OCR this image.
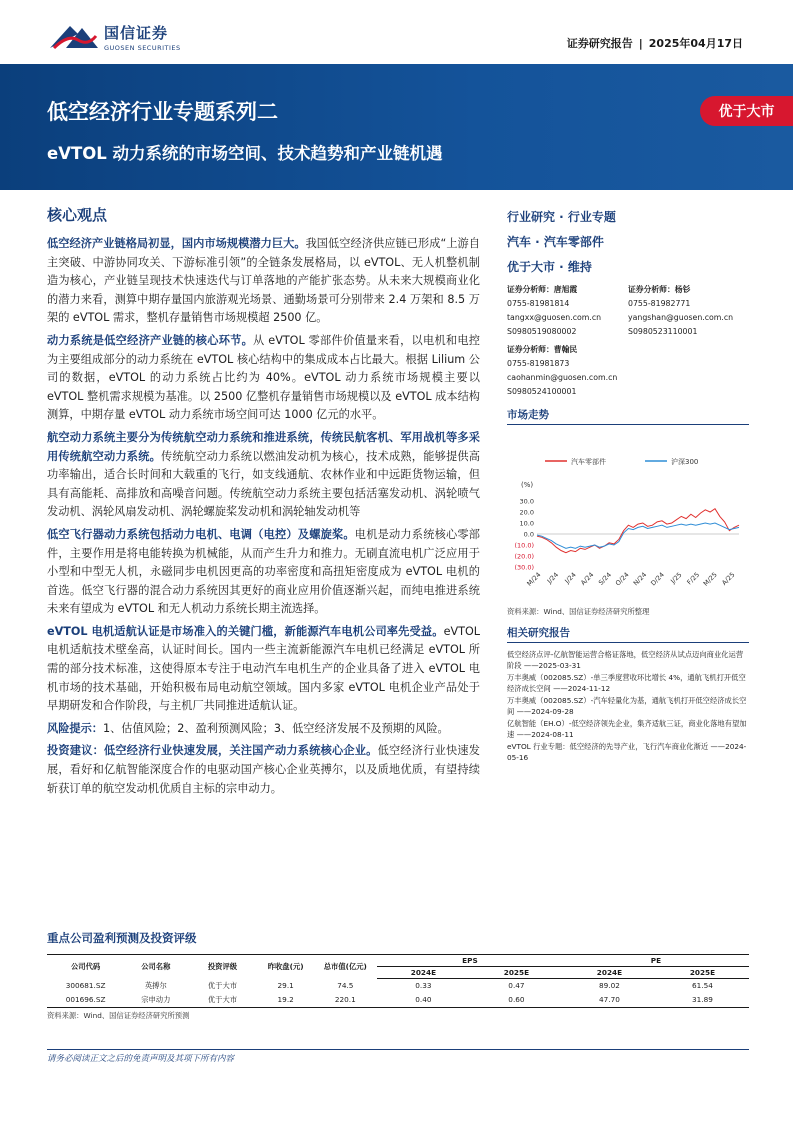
国信证券
GUOSEN SECURITIES	证券研究报告 | 2025年04月17日
低空经济行业专题系列二
eVTOL 动力系统的市场空间、技术趋势和产业链机遇
优于大市
核心观点
低空经济产业链格局初显，国内市场规模潜力巨大。我国低空经济供应链已形成“上游自主突破、中游协同攻关、下游标准引领”的全链条发展格局，以 eVTOL、无人机整机制造为核心，产业链呈现技术快速迭代与订单落地的产能扩张态势。从未来大规模商业化的潜力来看，测算中期存量国内旅游观光场景、通勤场景可分别带来 2.4 万架和 8.5 万架的 eVTOL 需求，整机存量销售市场规模超 2500 亿。
动力系统是低空经济产业链的核心环节。从 eVTOL 零部件价值量来看，以电机和电控为主要组成部分的动力系统在 eVTOL 核心结构中的集成成本占比最大。根据 Lilium 公司的数据，eVTOL 的动力系统占比约为 40%。eVTOL 动力系统市场规模主要以 eVTOL 整机需求规模为基准。以 2500 亿整机存量销售市场规模以及 eVTOL 成本结构测算，中期存量 eVTOL 动力系统市场空间可达 1000 亿元的水平。
航空动力系统主要分为传统航空动力系统和推进系统，传统民航客机、军用战机等多采用传统航空动力系统。传统航空动力系统以燃油发动机为核心，技术成熟，能够提供高功率输出，适合长时间和大载重的飞行，如支线通航、农林作业和中远距货物运输，但具有高能耗、高排放和高噪音问题。传统航空动力系统主要包括活塞发动机、涡轮喷气发动机、涡轮风扇发动机、涡轮螺旋桨发动机和涡轮轴发动机等
低空飞行器动力系统包括动力电机、电调（电控）及螺旋桨。电机是动力系统核心零部件，主要作用是将电能转换为机械能，从而产生升力和推力。无刷直流电机广泛应用于小型和中型无人机，永磁同步电机因更高的功率密度和高扭矩密度成为 eVTOL 电机的首选。低空飞行器的混合动力系统因其更好的商业应用价值逐渐兴起，而纯电推进系统未来有望成为 eVTOL 和无人机动力系统长期主流选择。
eVTOL 电机适航认证是市场准入的关键门槛，新能源汽车电机公司率先受益。eVTOL 电机适航技术壁垒高，认证时间长。国内一些主流新能源汽车电机已经满足 eVTOL 所需的部分技术标准，这使得原本专注于电动汽车电机生产的企业具备了进入 eVTOL 电机市场的技术基础，开始积极布局电动航空领域。国内多家 eVTOL 电机企业产品处于早期研发和合作阶段，与主机厂共同推进适航认证。
风险提示：1、估值风险；2、盈利预测风险；3、低空经济发展不及预期的风险。
投资建议：低空经济行业快速发展，关注国产动力系统核心企业。低空经济行业快速发展，看好和亿航智能深度合作的电驱动国产核心企业英搏尔，以及质地优质，有望持续斩获订单的航空发动机优质自主标的宗申动力。
行业研究 · 行业专题
汽车 · 汽车零部件
优于大市 · 维持
证券分析师：唐旭霞
0755-81981814
tangxx@guosen.com.cn
S0980519080002
证券分析师：杨钐
0755-81982771
yangshan@guosen.com.cn
S0980523110001
证券分析师：曹翰民
0755-81981873
caohanmin@guosen.com.cn
S0980524100001
市场走势
汽车零部件	沪深300
(%)
30.0
20.0
10.0
0.0
(10.0)
(20.0)
(30.0)
M/24 J/24 J/24 A/24 S/24 O/24 N/24 D/24 J/25 F/25 M/25 A/25
资料来源：Wind、国信证券经济研究所整理
相关研究报告
低空经济点评-亿航智能运营合格证落地，低空经济从试点迈向商业化运营阶段 ——2025-03-31
万丰奥威（002085.SZ）-单三季度营收环比增长 4%，通航飞机打开低空经济成长空间 ——2024-11-12
万丰奥威（002085.SZ）-汽车轻量化为基，通航飞机打开低空经济成长空间 ——2024-09-28
亿航智能（EH.O）-低空经济领先企业，集齐适航三证，商业化落地有望加速 ——2024-08-11
eVTOL 行业专题：低空经济的先导产业，飞行汽车商业化渐近 ——2024-05-16
重点公司盈利预测及投资评级
公司代码	公司名称	投资评级	昨收盘(元)	总市值(亿元)	EPS		PE	
					2024E	2025E	2024E	2025E
300681.SZ	英搏尔	优于大市	29.1	74.5	0.33	0.47	89.02	61.54
001696.SZ	宗申动力	优于大市	19.2	220.1	0.40	0.60	47.70	31.89
资料来源：Wind、国信证券经济研究所预测
请务必阅读正文之后的免责声明及其项下所有内容
